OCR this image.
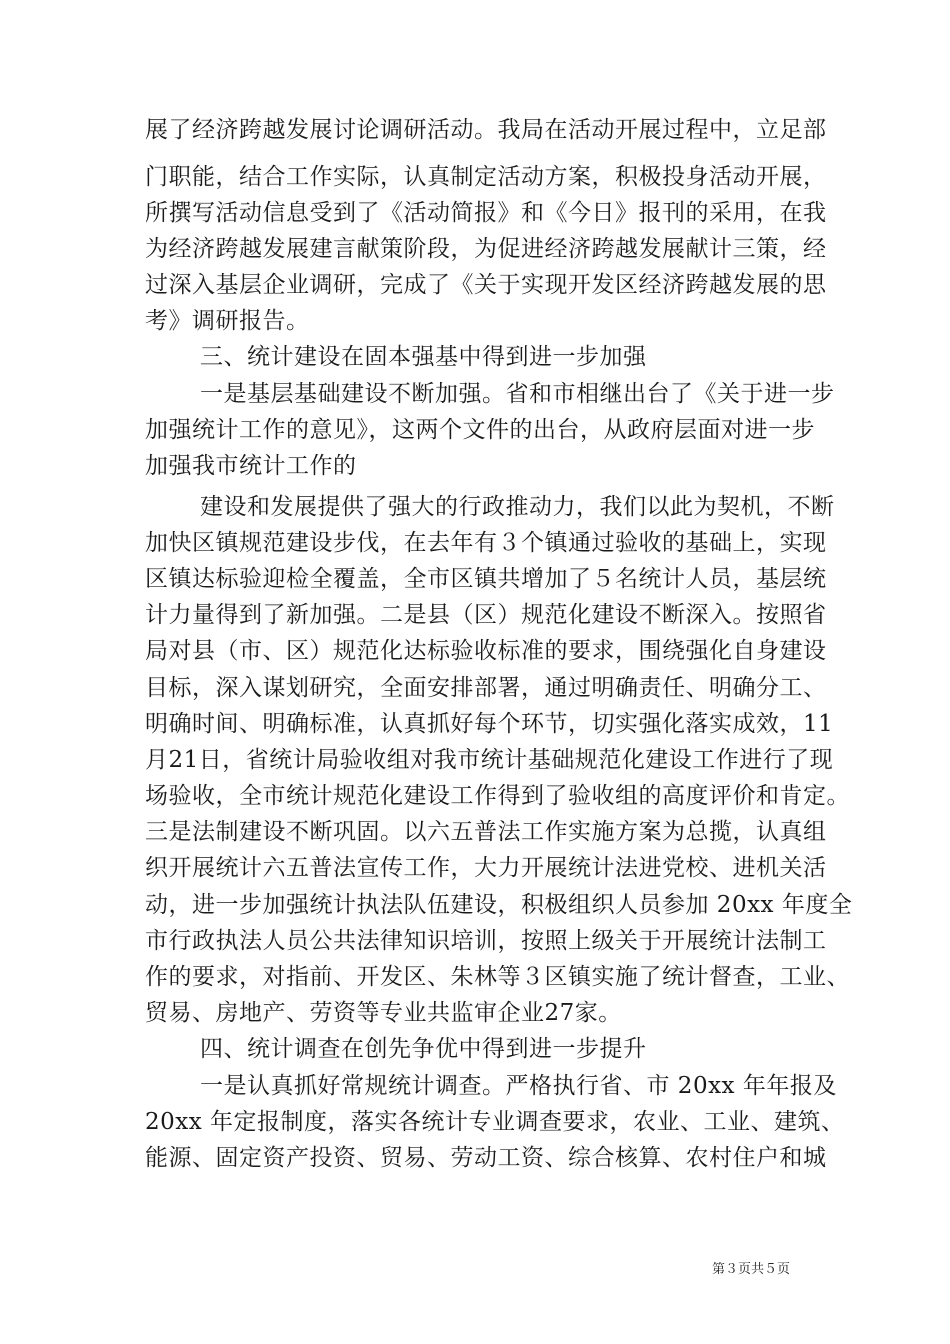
展了经济跨越发展讨论调研活动。我局在活动开展过程中，立足部
门职能，结合工作实际，认真制定活动方案，积极投身活动开展，
所撰写活动信息受到了《活动简报》和《今日》报刊的采用，在我
为经济跨越发展建言献策阶段，为促进经济跨越发展献计三策，经
过深入基层企业调研，完成了《关于实现开发区经济跨越发展的思
考》调研报告。
三、统计建设在固本强基中得到进一步加强
一是基层基础建设不断加强。省和市相继出台了《关于进一步
加强统计工作的意见》，这两个文件的出台，从政府层面对进一步
加强我市统计工作的
建设和发展提供了强大的行政推动力，我们以此为契机，不断
加快区镇规范建设步伐，在去年有３个镇通过验收的基础上，实现
区镇达标验迎检全覆盖，全市区镇共增加了５名统计人员，基层统
计力量得到了新加强。二是县（区）规范化建设不断深入。按照省
局对县（市、区）规范化达标验收标准的要求，围绕强化自身建设
目标，深入谋划研究，全面安排部署，通过明确责任、明确分工、
明确时间、明确标准，认真抓好每个环节，切实强化落实成效，11
月21日，省统计局验收组对我市统计基础规范化建设工作进行了现
场验收，全市统计规范化建设工作得到了验收组的高度评价和肯定。
三是法制建设不断巩固。以六五普法工作实施方案为总揽，认真组
织开展统计六五普法宣传工作，大力开展统计法进党校、进机关活
动，进一步加强统计执法队伍建设，积极组织人员参加 20xx 年度全
市行政执法人员公共法律知识培训，按照上级关于开展统计法制工
作的要求，对指前、开发区、朱林等３区镇实施了统计督查，工业、
贸易、房地产、劳资等专业共监审企业27家。
四、统计调查在创先争优中得到进一步提升
一是认真抓好常规统计调查。严格执行省、市 20xx 年年报及
20xx 年定报制度，落实各统计专业调查要求，农业、工业、建筑、
能源、固定资产投资、贸易、劳动工资、综合核算、农村住户和城
第３页共５页
